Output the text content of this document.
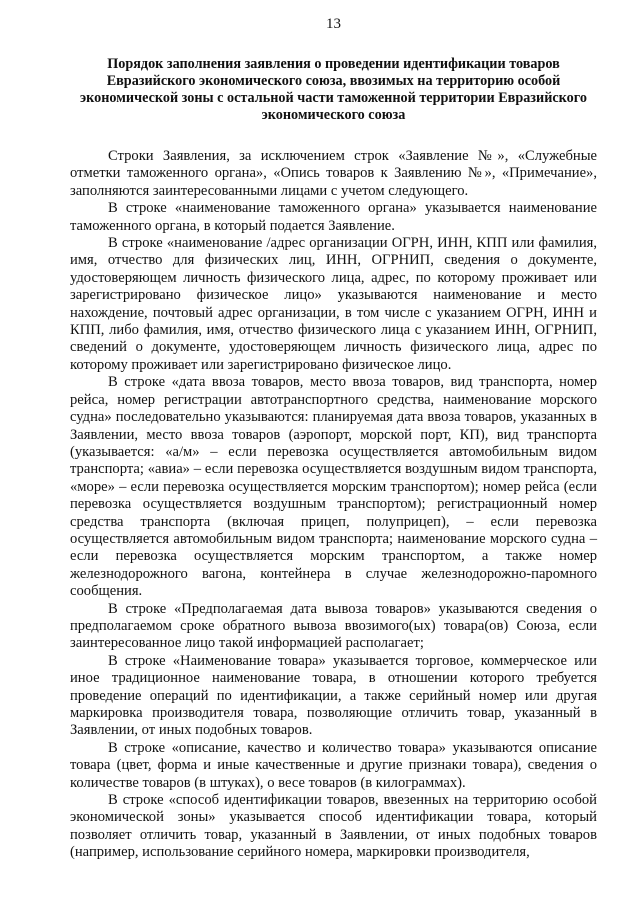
13
Порядок заполнения заявления о проведении идентификации товаров
Евразийского экономического союза, ввозимых на территорию особой
экономической зоны с остальной части таможенной территории Евразийского
экономического союза

Строки Заявления, за исключением строк «Заявление №», «Служебные отметки таможенного органа», «Опись товаров к Заявлению №», «Примечание», заполняются заинтересованными лицами с учетом следующего.

В строке «наименование таможенного органа» указывается наименование таможенного органа, в который подается Заявление.

В строке «наименование /адрес организации ОГРН, ИНН, КПП или фамилия, имя, отчество для физических лиц, ИНН, ОГРНИП, сведения о документе, удостоверяющем личность физического лица, адрес, по которому проживает или зарегистрировано физическое лицо» указываются наименование и место нахождение, почтовый адрес организации, в том числе с указанием ОГРН, ИНН и КПП, либо фамилия, имя, отчество физического лица с указанием ИНН, ОГРНИП, сведений о документе, удостоверяющем личность физического лица, адрес по которому проживает или зарегистрировано физическое лицо.

В строке «дата ввоза товаров, место ввоза товаров, вид транспорта, номер рейса, номер регистрации автотранспортного средства, наименование морского судна» последовательно указываются: планируемая дата ввоза товаров, указанных в Заявлении, место ввоза товаров (аэропорт, морской порт, КП), вид транспорта (указывается: «а/м» – если перевозка осуществляется автомобильным видом транспорта; «авиа» – если перевозка осуществляется воздушным видом транспорта, «море» – если перевозка осуществляется морским транспортом); номер рейса (если перевозка осуществляется воздушным транспортом); регистрационный номер средства транспорта (включая прицеп, полуприцеп), – если перевозка осуществляется автомобильным видом транспорта; наименование морского судна – если перевозка осуществляется морским транспортом, а также номер железнодорожного вагона, контейнера в случае железнодорожно-паромного сообщения.

В строке «Предполагаемая дата вывоза товаров» указываются сведения о предполагаемом сроке обратного вывоза ввозимого(ых) товара(ов) Союза, если заинтересованное лицо такой информацией располагает;

В строке «Наименование товара» указывается торговое, коммерческое или иное традиционное наименование товара, в отношении которого требуется проведение операций по идентификации, а также серийный номер или другая маркировка производителя товара, позволяющие отличить товар, указанный в Заявлении, от иных подобных товаров.

В строке «описание, качество и количество товара» указываются описание товара (цвет, форма и иные качественные и другие признаки товара), сведения о количестве товаров (в штуках), о весе товаров (в килограммах).

В строке «способ идентификации товаров, ввезенных на территорию особой экономической зоны» указывается способ идентификации товара, который позволяет отличить товар, указанный в Заявлении, от иных подобных товаров (например, использование серийного номера, маркировки производителя,
